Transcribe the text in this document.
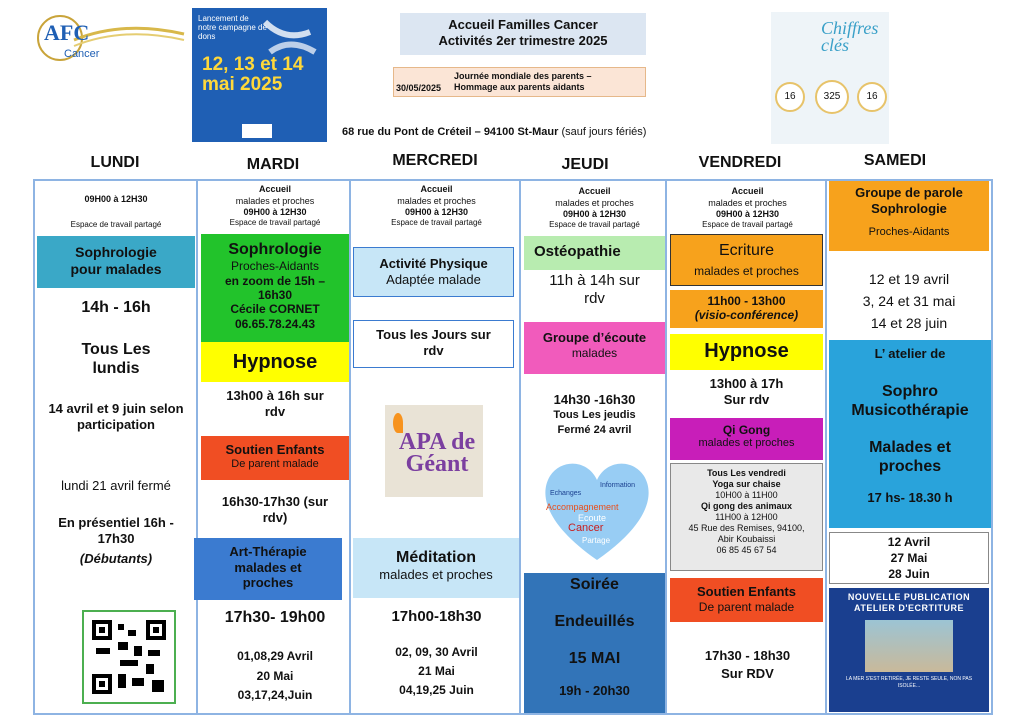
AFC
Cancer
Lancement de notre campagne de dons
12, 13 et 14 mai 2025
Accueil Familles Cancer
Activités 2er trimestre 2025
30/05/2025
Journée mondiale des parents – Hommage aux parents aidants
Chiffres clés
16	325	16
68 rue du Pont de Créteil – 94100 St-Maur (sauf jours fériés)
LUNDI	MARDI	MERCREDI	JEUDI	VENDREDI	SAMEDI
09H00 à 12H30
Espace de travail partagé
Sophrologie pour malades
14h - 16h
Tous Les lundis
14 avril et 9 juin selon participation
lundi 21 avril fermé
En présentiel 16h - 17h30
(Débutants)
Accueil
malades et proches
09H00 à 12H30
Espace de travail partagé
Sophrologie
Proches-Aidants
en zoom de 15h – 16h30
Cécile CORNET
06.65.78.24.43
Hypnose
13h00 à 16h sur rdv
Soutien Enfants
De parent malade
16h30-17h30 (sur rdv)
Art-Thérapie malades et proches
17h30- 19h00
01,08,29 Avril
20 Mai
03,17,24,Juin
Accueil
malades et proches
09H00 à 12H30
Espace de travail partagé
Activité Physique
Adaptée malade
Tous les Jours sur rdv
APA de Géant
Méditation
malades et proches
17h00-18h30
02, 09, 30 Avril
21 Mai
04,19,25 Juin
Accueil
malades et proches
09H00 à 12H30
Espace de travail partagé
Ostéopathie
11h à 14h sur rdv
Groupe d’écoute
malades
14h30 -16h30
Tous Les jeudis
Fermé 24 avril
Echanges
Information
Accompagnement
Ecoute
Cancer
Partage
Soirée
Endeuillés
15 MAI
19h - 20h30
Accueil
malades et proches
09H00 à 12H30
Espace de travail partagé
Ecriture
malades et proches
11h00 - 13h00
(visio-conférence)
Hypnose
13h00 à 17h Sur rdv
Qi Gong
malades et proches
Tous Les vendredi
Yoga sur chaise
10H00 à 11H00
Qi gong des animaux
11H00 à 12H00
45 Rue des Remises, 94100, Abir Koubaissi
06 85 45 67 54
Soutien Enfants
De parent malade
17h30 - 18h30
Sur RDV
Groupe de parole Sophrologie
Proches-Aidants
12 et 19 avril
3, 24 et 31 mai
14 et 28 juin
L’ atelier de
Sophro Musicothérapie
Malades et proches
17 hs- 18.30 h
12 Avril
27 Mai
28 Juin
NOUVELLE PUBLICATION
ATELIER D'ECRTITURE
LA MER S'EST RETIRÉE, JE RESTE SEULE, NON PAS ISOLÉE...
